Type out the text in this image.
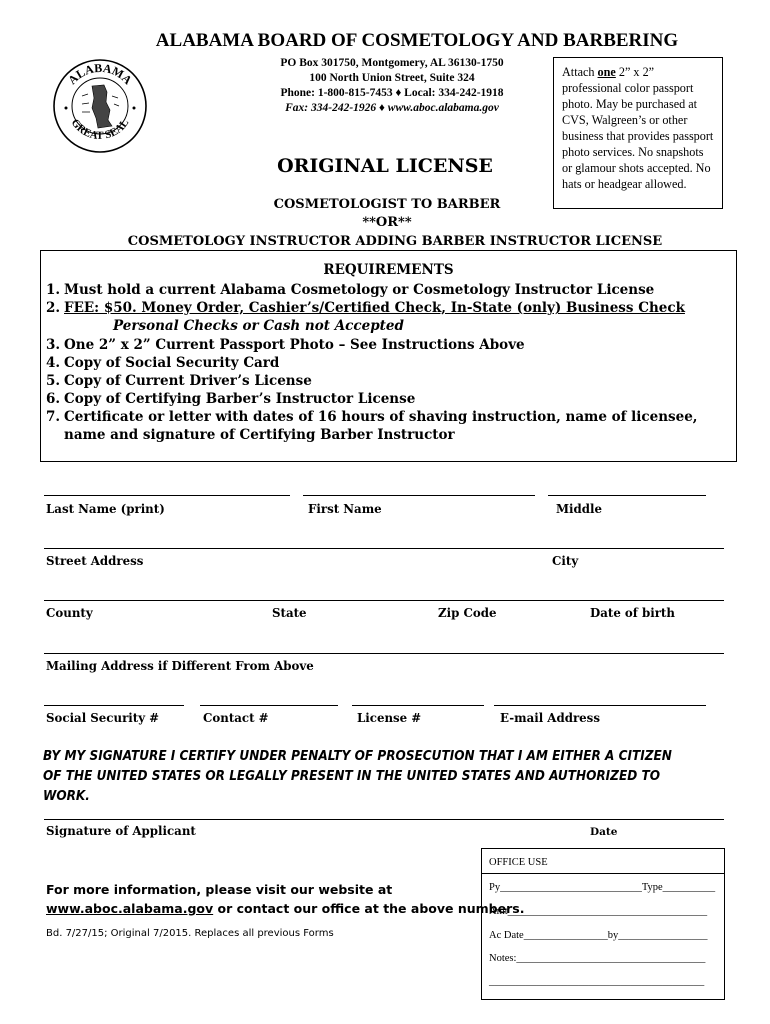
ALABAMA BOARD OF COSMETOLOGY AND BARBERING
ALABAMA
GREAT SEAL
PO Box 301750, Montgomery, AL 36130-1750
100 North Union Street, Suite 324
Phone: 1-800-815-7453 ♦ Local: 334-242-1918
Fax: 334-242-1926 ♦ www.aboc.alabama.gov
Attach one 2” x 2” professional color passport photo. May be purchased at CVS, Walgreen’s or other business that provides passport photo services. No snapshots or glamour shots accepted. No hats or headgear allowed.
ORIGINAL LICENSE
COSMETOLOGIST TO BARBER
**OR**
COSMETOLOGY INSTRUCTOR ADDING BARBER INSTRUCTOR LICENSE
REQUIREMENTS
1. Must hold a current Alabama Cosmetology or Cosmetology Instructor License
2. FEE: $50. Money Order, Cashier’s/Certified Check, In-State (only) Business Check
Personal Checks or Cash not Accepted
3. One 2” x 2” Current Passport Photo – See Instructions Above
4. Copy of Social Security Card
5. Copy of Current Driver’s License
6. Copy of Certifying Barber’s Instructor License
7. Certificate or letter with dates of 16 hours of shaving instruction, name of licensee,
name and signature of Certifying Barber Instructor
Last Name (print)	First Name	Middle
Street Address	City
County	State	Zip Code	Date of birth
Mailing Address if Different From Above
Social Security #	Contact #	License #	E-mail Address
BY MY SIGNATURE I CERTIFY UNDER PENALTY OF PROSECUTION THAT I AM EITHER A CITIZEN OF THE UNITED STATES OR LEGALLY PRESENT IN THE UNITED STATES AND AUTHORIZED TO WORK.
Signature of Applicant	Date
OFFICE USE
Py___________________________Type__________
Amt______________________________________
Ac Date________________by_________________
Notes:____________________________________
_________________________________________
For more information, please visit our website at
www.aboc.alabama.gov or contact our office at the above numbers.
Bd. 7/27/15; Original 7/2015. Replaces all previous Forms
